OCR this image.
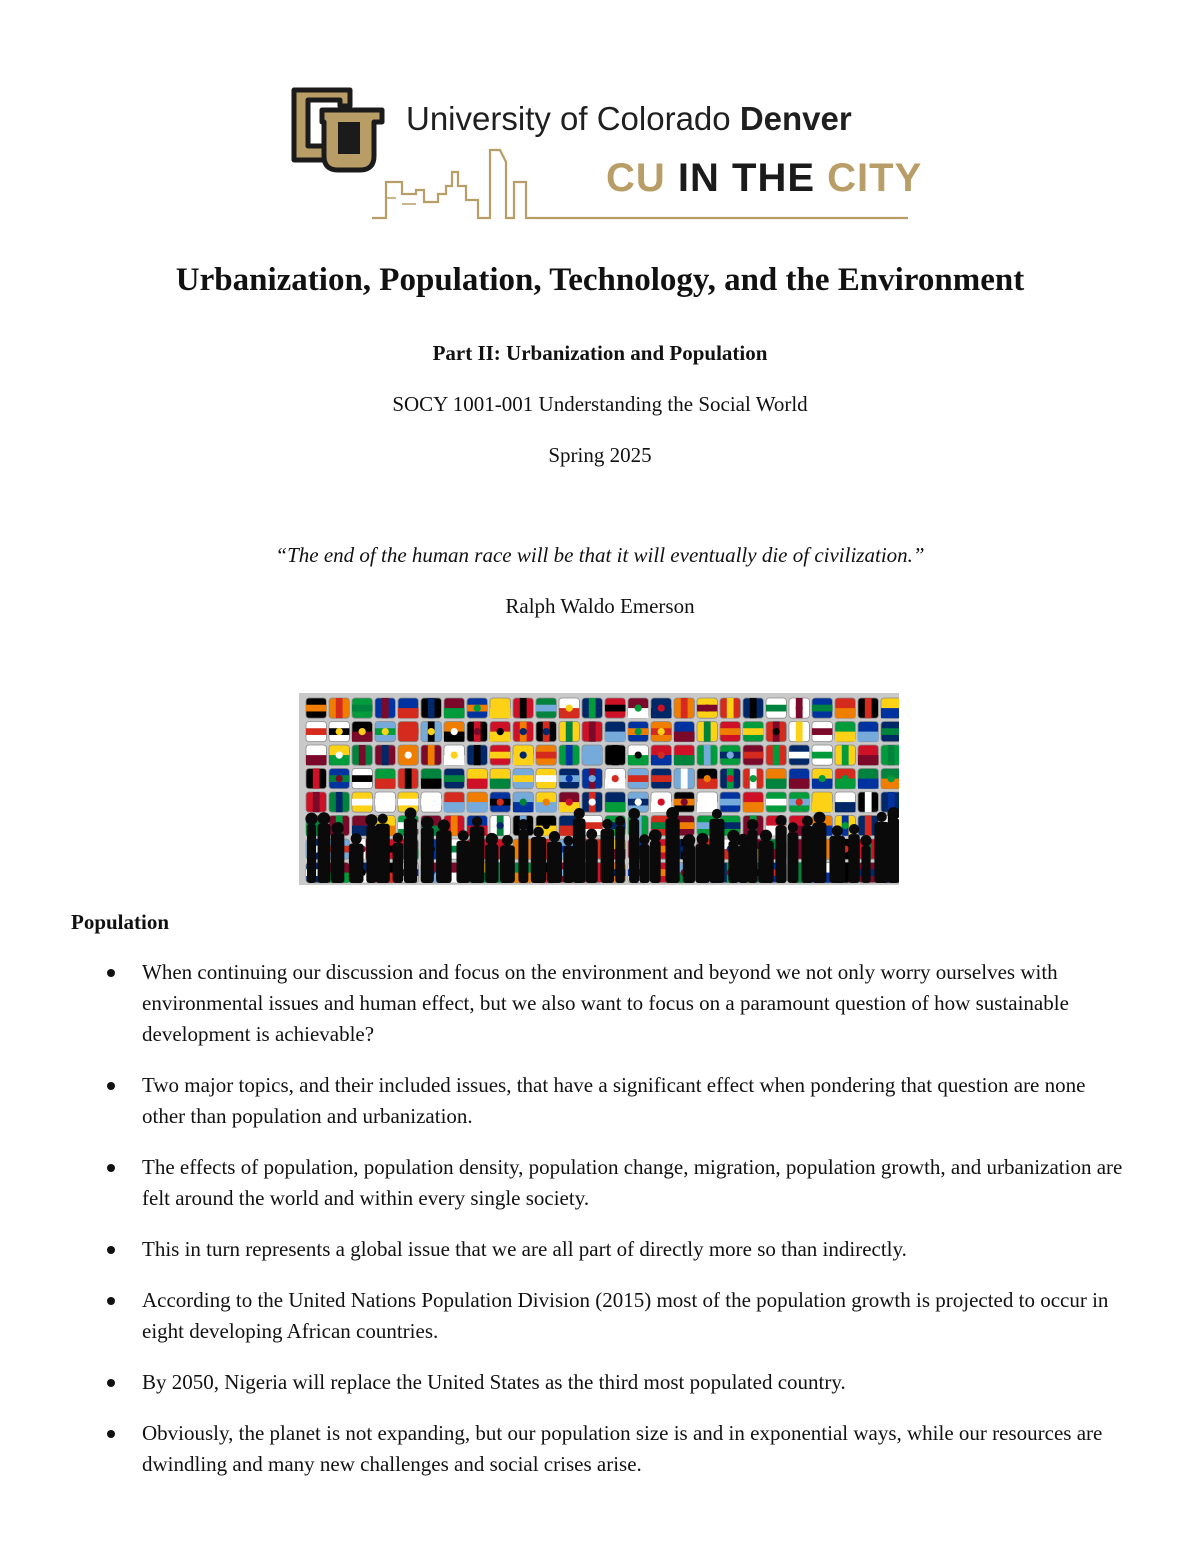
University of Colorado Denver
CU IN THE CITY
Urbanization, Population, Technology, and the Environment
Part II: Urbanization and Population
SOCY 1001-001 Understanding the Social World
Spring 2025
“The end of the human race will be that it will eventually die of civilization.”
Ralph Waldo Emerson
Population
When continuing our discussion and focus on the environment and beyond we not only worry ourselves with environmental issues and human effect, but we also want to focus on a paramount question of how sustainable development is achievable?
Two major topics, and their included issues, that have a significant effect when pondering that question are none other than population and urbanization.
The effects of population, population density, population change, migration, population growth, and urbanization are felt around the world and within every single society.
This in turn represents a global issue that we are all part of directly more so than indirectly.
According to the United Nations Population Division (2015) most of the population growth is projected to occur in eight developing African countries.
By 2050, Nigeria will replace the United States as the third most populated country.
Obviously, the planet is not expanding, but our population size is and in exponential ways, while our resources are dwindling and many new challenges and social crises arise.
